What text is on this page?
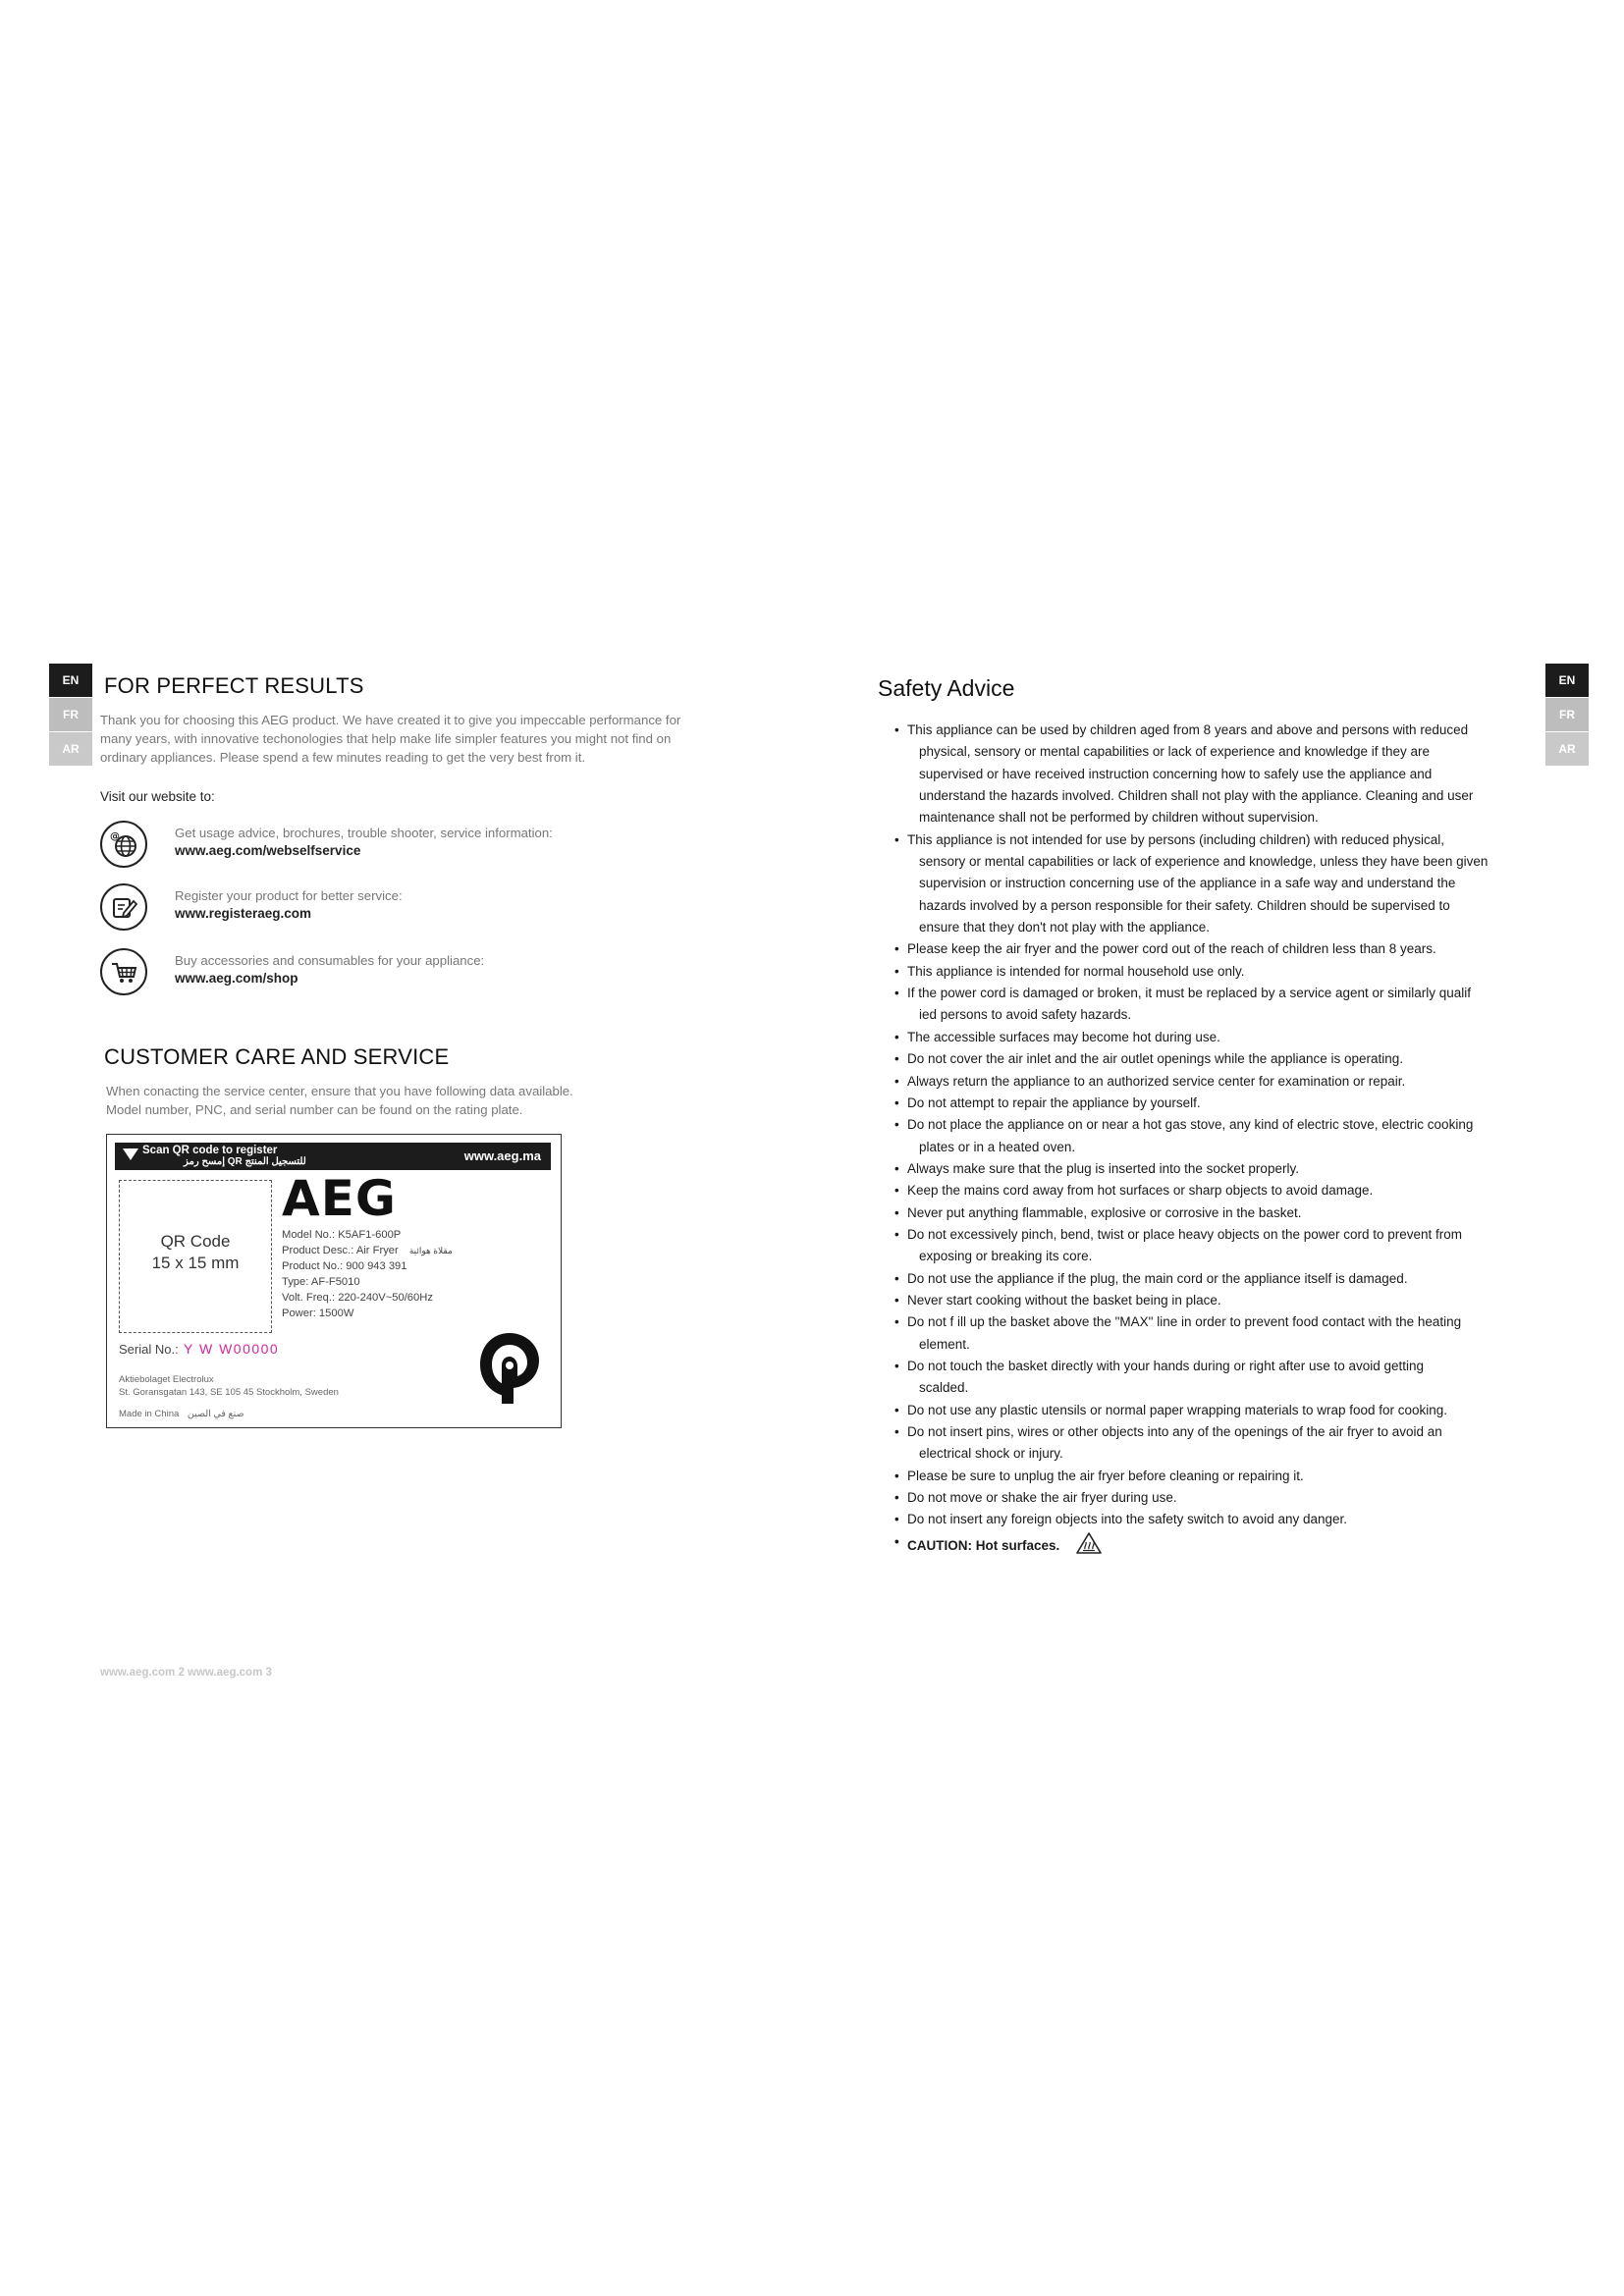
EN
FR
AR
FOR PERFECT RESULTS
Thank you for choosing this AEG product. We have created it to give you impeccable performance for
many years, with innovative techonologies that help make life simpler features you might not find on
ordinary appliances. Please spend a few minutes reading to get the very best from it.
Visit our website to:
@	Get usage advice, brochures, trouble shooter, service information:
www.aeg.com/webselfservice
Register your product for better service:
www.registeraeg.com
Buy accessories and consumables for your appliance:
www.aeg.com/shop
CUSTOMER CARE AND SERVICE
When conacting the service center, ensure that you have following data available.
Model number, PNC, and serial number can be found on the rating plate.
Scan QR code to register
إمسح رمز QR للتسجيل المنتج	www.aeg.ma
QR Code
15 x 15 mm
AEG
Model No.: K5AF1-600P
Product Desc.: Air Fryer مقلاة هوائية
Product No.: 900 943 391
Type: AF-F5010
Volt. Freq.: 220-240V~50/60Hz
Power: 1500W
Serial No.: Y W W00000
Aktiebolaget Electrolux
St. Goransgatan 143, SE 105 45 Stockholm, Sweden
Made in China صنع في الصين
www.aeg.com 2 www.aeg.com 3
EN
FR
AR
Safety Advice
• This appliance can be used by children aged from 8 years and above and persons with reduced
physical, sensory or mental capabilities or lack of experience and knowledge if they are
supervised or have received instruction concerning how to safely use the appliance and
understand the hazards involved. Children shall not play with the appliance. Cleaning and user
maintenance shall not be performed by children without supervision.
• This appliance is not intended for use by persons (including children) with reduced physical,
sensory or mental capabilities or lack of experience and knowledge, unless they have been given
supervision or instruction concerning use of the appliance in a safe way and understand the
hazards involved by a person responsible for their safety. Children should be supervised to
ensure that they don't not play with the appliance.
• Please keep the air fryer and the power cord out of the reach of children less than 8 years.
• This appliance is intended for normal household use only.
• If the power cord is damaged or broken, it must be replaced by a service agent or similarly qualif
ied persons to avoid safety hazards.
• The accessible surfaces may become hot during use.
• Do not cover the air inlet and the air outlet openings while the appliance is operating.
• Always return the appliance to an authorized service center for examination or repair.
• Do not attempt to repair the appliance by yourself.
• Do not place the appliance on or near a hot gas stove, any kind of electric stove, electric cooking
plates or in a heated oven.
• Always make sure that the plug is inserted into the socket properly.
• Keep the mains cord away from hot surfaces or sharp objects to avoid damage.
• Never put anything flammable, explosive or corrosive in the basket.
• Do not excessively pinch, bend, twist or place heavy objects on the power cord to prevent from
exposing or breaking its core.
• Do not use the appliance if the plug, the main cord or the appliance itself is damaged.
• Never start cooking without the basket being in place.
• Do not f ill up the basket above the "MAX" line in order to prevent food contact with the heating
element.
• Do not touch the basket directly with your hands during or right after use to avoid getting
scalded.
• Do not use any plastic utensils or normal paper wrapping materials to wrap food for cooking.
• Do not insert pins, wires or other objects into any of the openings of the air fryer to avoid an
electrical shock or injury.
• Please be sure to unplug the air fryer before cleaning or repairing it.
• Do not move or shake the air fryer during use.
• Do not insert any foreign objects into the safety switch to avoid any danger.
• CAUTION: Hot surfaces.
